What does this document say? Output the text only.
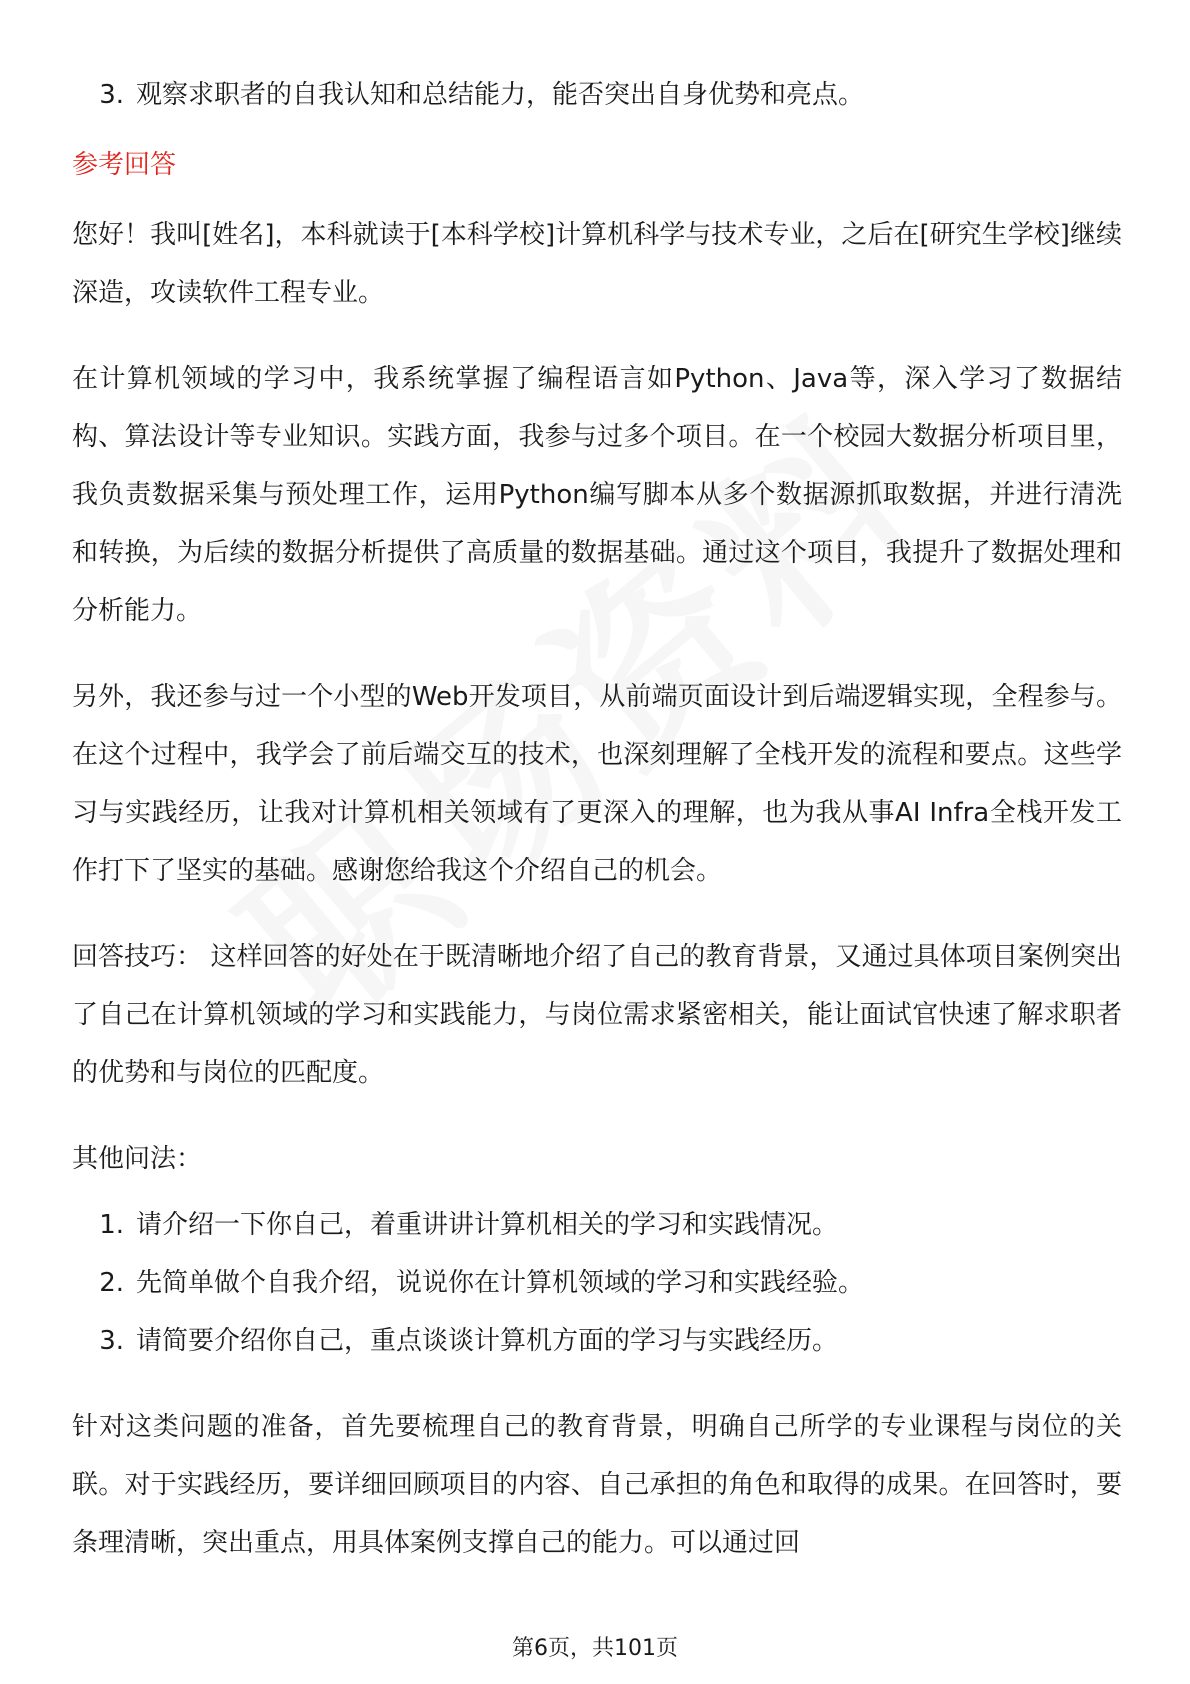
3. 观察求职者的自我认知和总结能力，能否突出自身优势和亮点。
参考回答

您好！我叫[姓名]，本科就读于[本科学校]计算机科学与技术专业，之后在[研究生学校]继续深造，攻读软件工程专业。

在计算机领域的学习中，我系统掌握了编程语言如Python、Java等，深入学习了数据结构、算法设计等专业知识。实践方面，我参与过多个项目。在一个校园大数据分析项目里，我负责数据采集与预处理工作，运用Python编写脚本从多个数据源抓取数据，并进行清洗和转换，为后续的数据分析提供了高质量的数据基础。通过这个项目，我提升了数据处理和分析能力。

另外，我还参与过一个小型的Web开发项目，从前端页面设计到后端逻辑实现，全程参与。在这个过程中，我学会了前后端交互的技术，也深刻理解了全栈开发的流程和要点。这些学习与实践经历，让我对计算机相关领域有了更深入的理解，也为我从事AI Infra全栈开发工作打下了坚实的基础。感谢您给我这个介绍自己的机会。

回答技巧： 这样回答的好处在于既清晰地介绍了自己的教育背景，又通过具体项目案例突出了自己在计算机领域的学习和实践能力，与岗位需求紧密相关，能让面试官快速了解求职者的优势和与岗位的匹配度。

其他问法：

1. 请介绍一下你自己，着重讲讲计算机相关的学习和实践情况。
2. 先简单做个自我介绍，说说你在计算机领域的学习和实践经验。
3. 请简要介绍你自己，重点谈谈计算机方面的学习与实践经历。

针对这类问题的准备，首先要梳理自己的教育背景，明确自己所学的专业课程与岗位的关联。对于实践经历，要详细回顾项目的内容、自己承担的角色和取得的成果。在回答时，要条理清晰，突出重点，用具体案例支撑自己的能力。可以通过回

第6页，共101页
